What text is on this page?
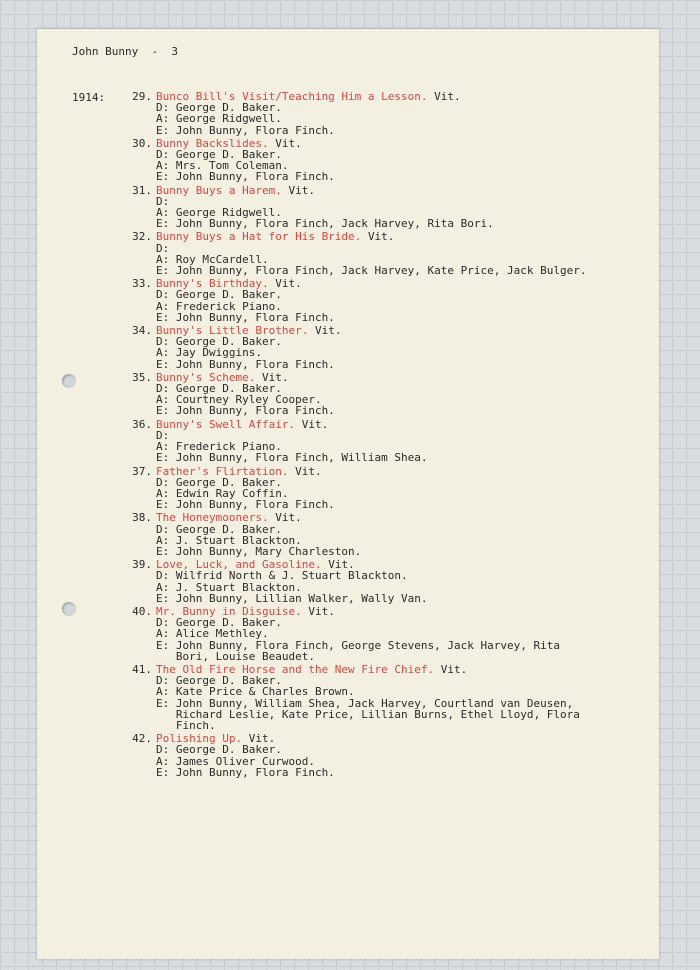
John Bunny  -  3
1914:	29. Bunco Bill's Visit/Teaching Him a Lesson. Vit.
D: George D. Baker.
A: George Ridgwell.
E: John Bunny, Flora Finch.
30. Bunny Backslides. Vit.
D: George D. Baker.
A: Mrs. Tom Coleman.
E: John Bunny, Flora Finch.
31. Bunny Buys a Harem. Vit.
D:
A: George Ridgwell.
E: John Bunny, Flora Finch, Jack Harvey, Rita Bori.
32. Bunny Buys a Hat for His Bride. Vit.
D:
A: Roy McCardell.
E: John Bunny, Flora Finch, Jack Harvey, Kate Price, Jack Bulger.
33. Bunny's Birthday. Vit.
D: George D. Baker.
A: Frederick Piano.
E: John Bunny, Flora Finch.
34. Bunny's Little Brother. Vit.
D: George D. Baker.
A: Jay Dwiggins.
E: John Bunny, Flora Finch.
35. Bunny's Scheme. Vit.
D: George D. Baker.
A: Courtney Ryley Cooper.
E: John Bunny, Flora Finch.
36. Bunny's Swell Affair. Vit.
D:
A: Frederick Piano.
E: John Bunny, Flora Finch, William Shea.
37. Father's Flirtation. Vit.
D: George D. Baker.
A: Edwin Ray Coffin.
E: John Bunny, Flora Finch.
38. The Honeymooners. Vit.
D: George D. Baker.
A: J. Stuart Blackton.
E: John Bunny, Mary Charleston.
39. Love, Luck, and Gasoline. Vit.
D: Wilfrid North & J. Stuart Blackton.
A: J. Stuart Blackton.
E: John Bunny, Lillian Walker, Wally Van.
40. Mr. Bunny in Disguise. Vit.
D: George D. Baker.
A: Alice Methley.
E: John Bunny, Flora Finch, George Stevens, Jack Harvey, Rita
Bori, Louise Beaudet.
41. The Old Fire Horse and the New Fire Chief. Vit.
D: George D. Baker.
A: Kate Price & Charles Brown.
E: John Bunny, William Shea, Jack Harvey, Courtland van Deusen,
Richard Leslie, Kate Price, Lillian Burns, Ethel Lloyd, Flora
Finch.
42. Polishing Up. Vit.
D: George D. Baker.
A: James Oliver Curwood.
E: John Bunny, Flora Finch.
